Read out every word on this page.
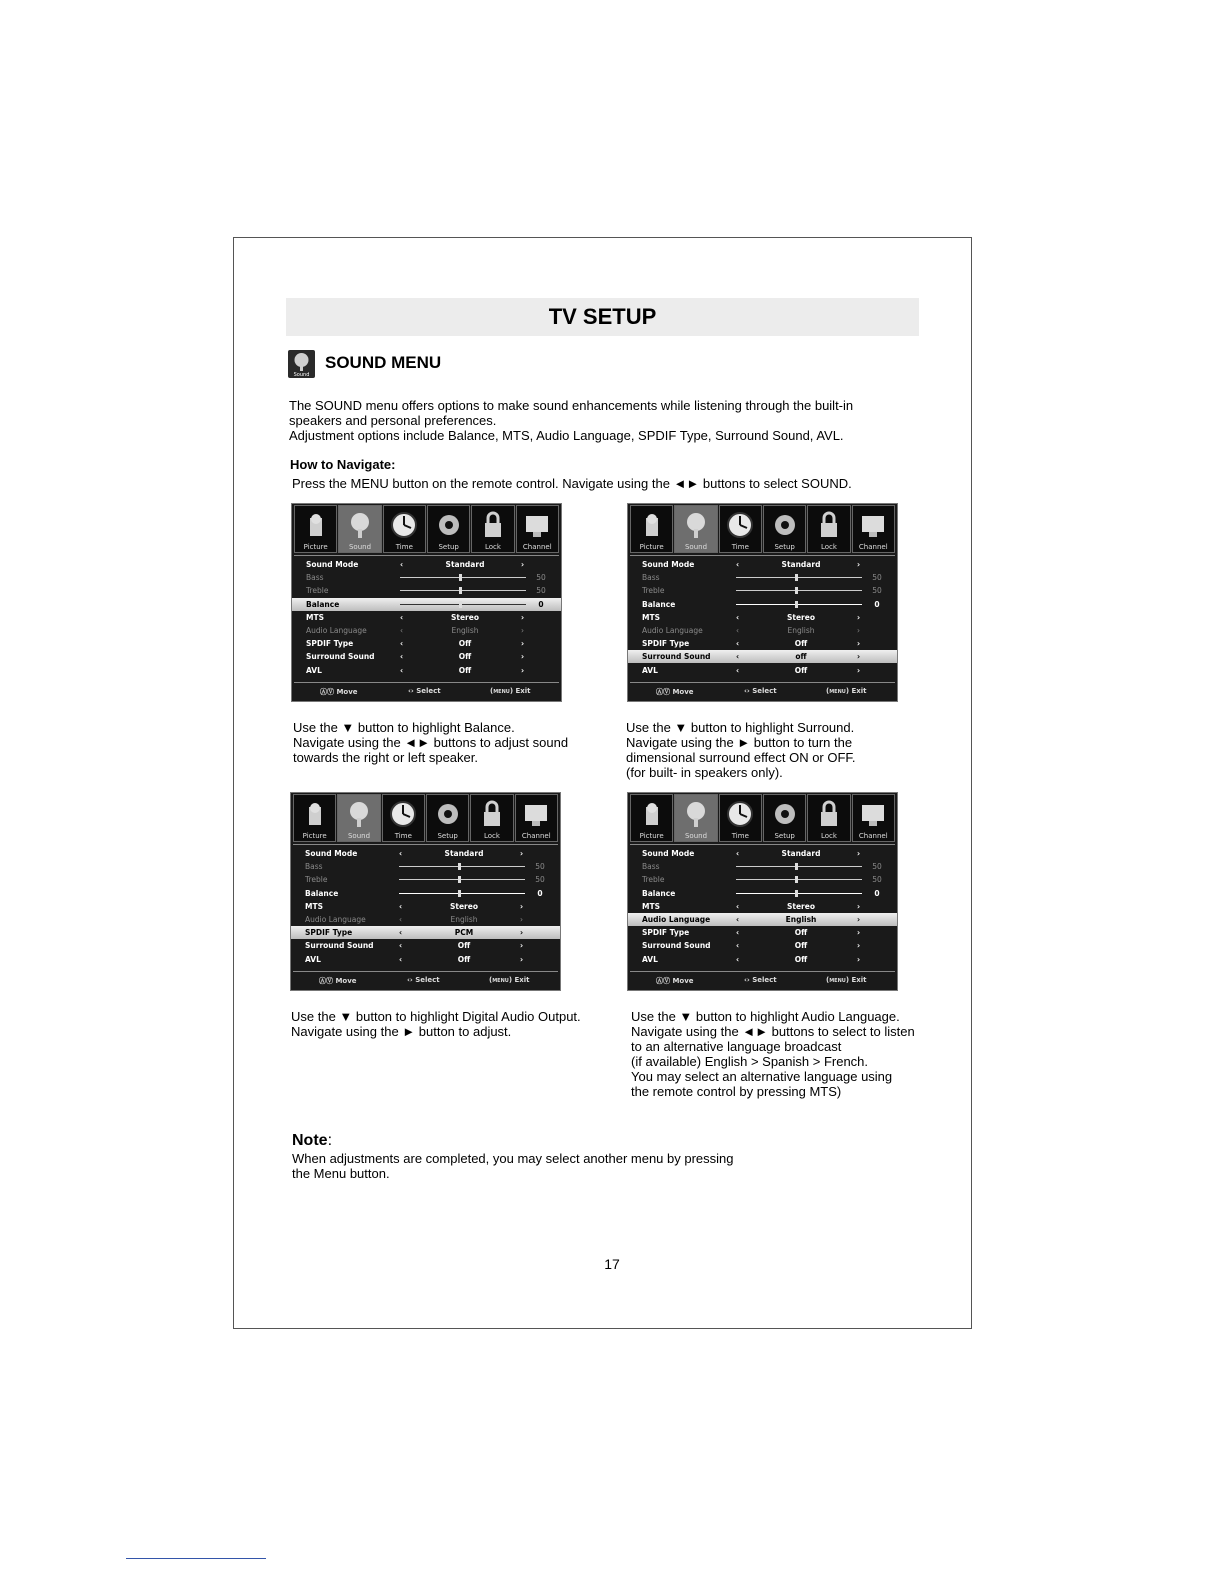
TV SETUP
Sound
SOUND MENU
The SOUND menu offers options to make sound enhancements while listening through the built-in
speakers and personal preferences.
Adjustment options include Balance, MTS, Audio Language, SPDIF Type, Surround Sound, AVL.
How to Navigate:
Press the MENU button on the remote control. Navigate using the ◄► buttons to select SOUND.
Picture	Sound	Time	Setup	Lock	Channel
Sound Mode	‹	Standard	›
Bass	50
Treble	50
Balance	0
MTS	‹	Stereo	›
Audio Language	‹	English	›
SPDIF Type	‹	Off	›
Surround Sound	‹	Off	›
AVL	‹	Off	›
ⒶⓋ Move	‹› Select	(MENU) Exit
Picture	Sound	Time	Setup	Lock	Channel
Sound Mode	‹	Standard	›
Bass	50
Treble	50
Balance	0
MTS	‹	Stereo	›
Audio Language	‹	English	›
SPDIF Type	‹	Off	›
Surround Sound	‹	off	›
AVL	‹	Off	›
ⒶⓋ Move	‹› Select	(MENU) Exit
Picture	Sound	Time	Setup	Lock	Channel
Sound Mode	‹	Standard	›
Bass	50
Treble	50
Balance	0
MTS	‹	Stereo	›
Audio Language	‹	English	›
SPDIF Type	‹	PCM	›
Surround Sound	‹	Off	›
AVL	‹	Off	›
ⒶⓋ Move	‹› Select	(MENU) Exit
Picture	Sound	Time	Setup	Lock	Channel
Sound Mode	‹	Standard	›
Bass	50
Treble	50
Balance	0
MTS	‹	Stereo	›
Audio Language	‹	English	›
SPDIF Type	‹	Off	›
Surround Sound	‹	Off	›
AVL	‹	Off	›
ⒶⓋ Move	‹› Select	(MENU) Exit
Use the ▼ button to highlight Balance.
Navigate using the ◄► buttons to adjust sound
towards the right or left speaker.
Use the ▼ button to highlight Surround.
Navigate using the ► button to turn the
dimensional surround effect ON or OFF.
(for built- in speakers only).
Use the ▼ button to highlight Digital Audio Output.
Navigate using the ► button to adjust.
Use the ▼ button to highlight Audio Language.
Navigate using the ◄► buttons to select to listen
to an alternative language broadcast
(if available) English > Spanish > French.
You may select an alternative language using
the remote control by pressing MTS)
Note:
When adjustments are completed, you may select another menu by pressing
the Menu button.
17
